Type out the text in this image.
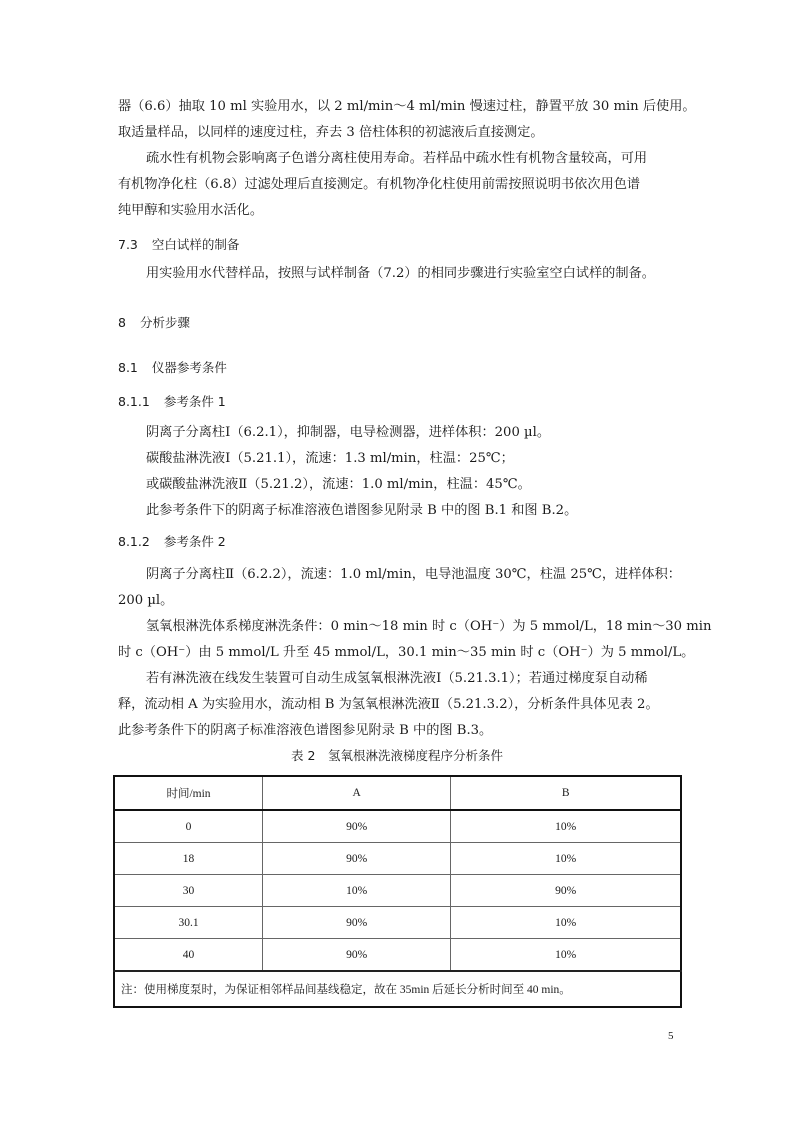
器（6.6）抽取 10 ml 实验用水，以 2 ml/min～4 ml/min 慢速过柱，静置平放 30 min 后使用。
取适量样品，以同样的速度过柱，弃去 3 倍柱体积的初滤液后直接测定。
疏水性有机物会影响离子色谱分离柱使用寿命。若样品中疏水性有机物含量较高，可用
有机物净化柱（6.8）过滤处理后直接测定。有机物净化柱使用前需按照说明书依次用色谱
纯甲醇和实验用水活化。
7.3 空白试样的制备
用实验用水代替样品，按照与试样制备（7.2）的相同步骤进行实验室空白试样的制备。
8 分析步骤
8.1 仪器参考条件
8.1.1 参考条件 1
阴离子分离柱Ⅰ（6.2.1），抑制器，电导检测器，进样体积：200 µl。
碳酸盐淋洗液Ⅰ（5.21.1），流速：1.3 ml/min，柱温：25℃；
或碳酸盐淋洗液Ⅱ（5.21.2），流速：1.0 ml/min，柱温：45℃。
此参考条件下的阴离子标准溶液色谱图参见附录 B 中的图 B.1 和图 B.2。
8.1.2 参考条件 2
阴离子分离柱Ⅱ（6.2.2），流速：1.0 ml/min，电导池温度 30℃，柱温 25℃，进样体积：
200 µl。
氢氧根淋洗体系梯度淋洗条件：0 min～18 min 时 c（OH⁻）为 5 mmol/L，18 min～30 min
时 c（OH⁻）由 5 mmol/L 升至 45 mmol/L，30.1 min～35 min 时 c（OH⁻）为 5 mmol/L。
若有淋洗液在线发生装置可自动生成氢氧根淋洗液Ⅰ（5.21.3.1）；若通过梯度泵自动稀
释，流动相 A 为实验用水，流动相 B 为氢氧根淋洗液Ⅱ（5.21.3.2），分析条件具体见表 2。
此参考条件下的阴离子标准溶液色谱图参见附录 B 中的图 B.3。
表 2　氢氧根淋洗液梯度程序分析条件
时间/min	A	B
0	90%	10%
18	90%	10%
30	10%	90%
30.1	90%	10%
40	90%	10%
注：使用梯度泵时，为保证相邻样品间基线稳定，故在 35min 后延长分析时间至 40 min。		
5
